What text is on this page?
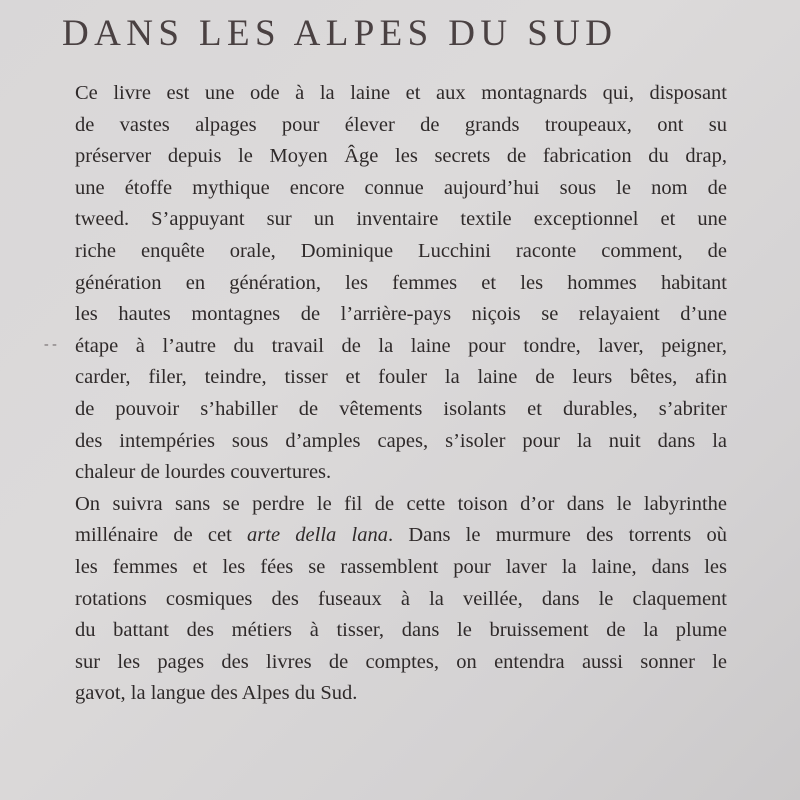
DANS LES ALPES DU SUD
- -
Ce livre est une ode à la laine et aux montagnards qui, disposant
de vastes alpages pour élever de grands troupeaux, ont su
préserver depuis le Moyen Âge les secrets de fabrication du drap,
une étoffe mythique encore connue aujourd’hui sous le nom de
tweed. S’appuyant sur un inventaire textile exceptionnel et une
riche enquête orale, Dominique Lucchini raconte comment, de
génération en génération, les femmes et les hommes habitant
les hautes montagnes de l’arrière-pays niçois se relayaient d’une
étape à l’autre du travail de la laine pour tondre, laver, peigner,
carder, filer, teindre, tisser et fouler la laine de leurs bêtes, afin
de pouvoir s’habiller de vêtements isolants et durables, s’abriter
des intempéries sous d’amples capes, s’isoler pour la nuit dans la
chaleur de lourdes couvertures.
On suivra sans se perdre le fil de cette toison d’or dans le labyrinthe
millénaire de cet arte della lana. Dans le murmure des torrents où
les femmes et les fées se rassemblent pour laver la laine, dans les
rotations cosmiques des fuseaux à la veillée, dans le claquement
du battant des métiers à tisser, dans le bruissement de la plume
sur les pages des livres de comptes, on entendra aussi sonner le
gavot, la langue des Alpes du Sud.
